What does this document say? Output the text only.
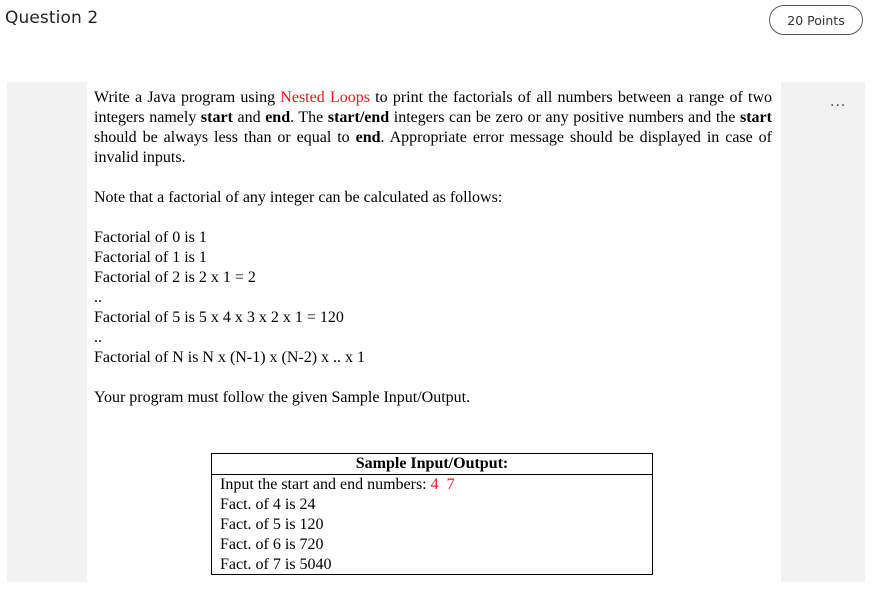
Question 2	20 Points
...
Write a Java program using Nested Loops to print the factorials of all numbers between a range of two integers namely start and end. The start/end integers can be zero or any positive numbers and the start should be always less than or equal to end. Appropriate error message should be displayed in case of invalid inputs.
Note that a factorial of any integer can be calculated as follows:
Factorial of 0 is 1
Factorial of 1 is 1
Factorial of 2 is 2 x 1 = 2
..
Factorial of 5 is 5 x 4 x 3 x 2 x 1 = 120
..
Factorial of N is N x (N-1) x (N-2) x .. x 1
Your program must follow the given Sample Input/Output.
Sample Input/Output:
Input the start and end numbers: 4  7
Fact. of 4 is 24
Fact. of 5 is 120
Fact. of 6 is 720
Fact. of 7 is 5040
